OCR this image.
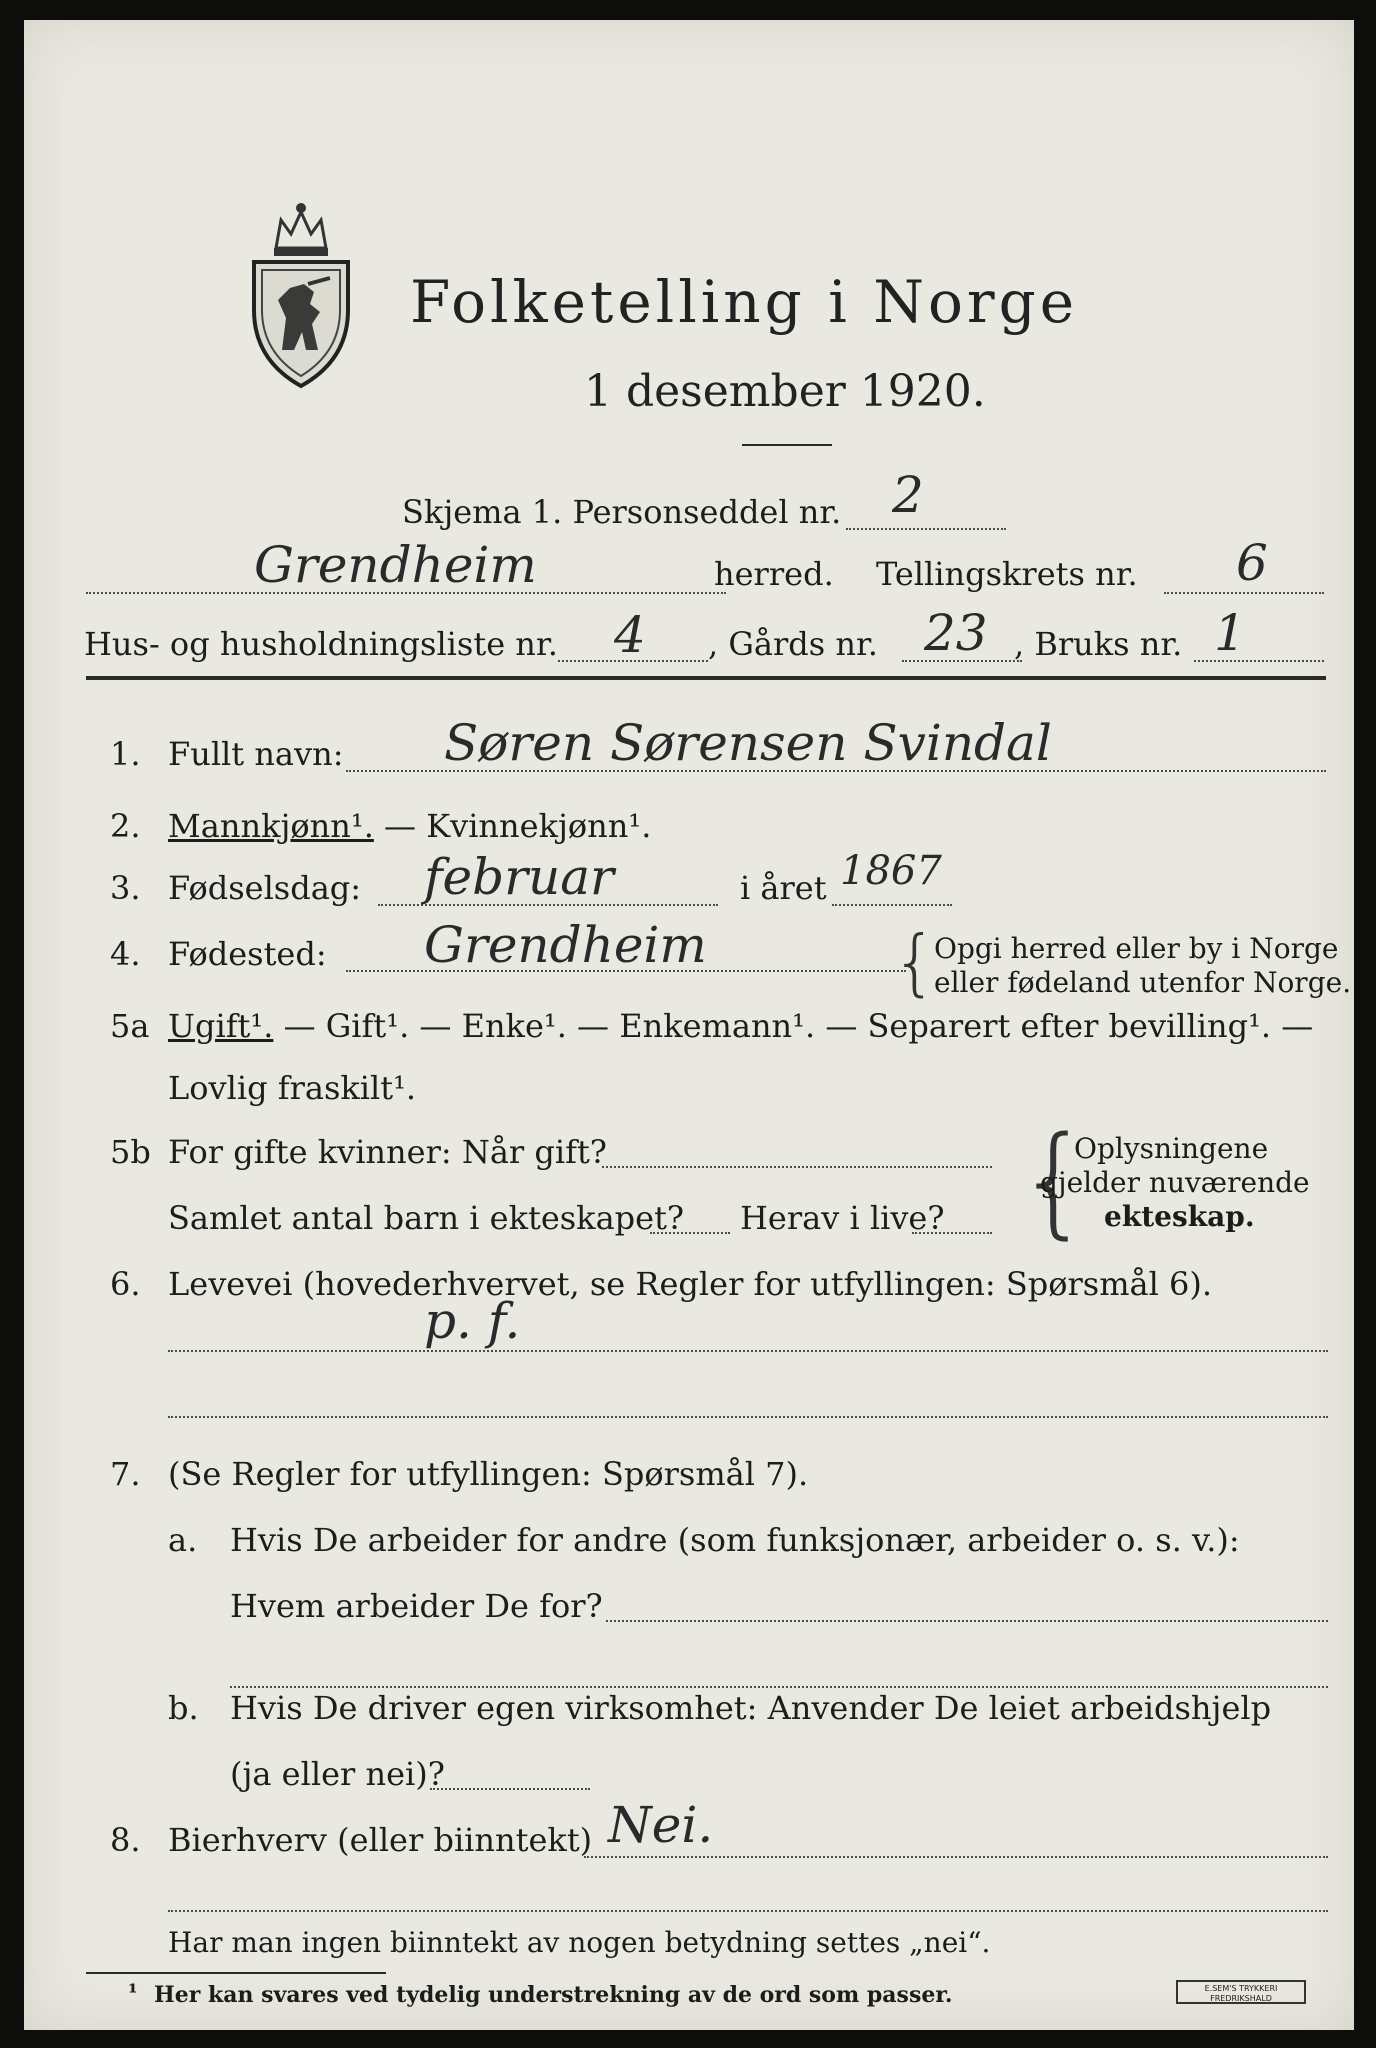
Folketelling i Norge
1 desember 1920.
Skjema 1. Personseddel nr. 2
Grendheim	herred. Tellingskrets nr. 6
Hus- og husholdningsliste nr. 4 , Gårds nr. 23 , Bruks nr. 1
1. Fullt navn: Søren Sørensen Svindal
2. Mannkjønn¹. — Kvinnekjønn¹.
3. Fødselsdag: februar	i året 1867
4. Fødested: Grendheim	{
Opgi herred eller by i Norge
eller fødeland utenfor Norge.
5a Ugift¹. — Gift¹. — Enke¹. — Enkemann¹. — Separert efter bevilling¹. —
Lovlig fraskilt¹.
5b For gifte kvinner: Når gift?
Samlet antal barn i ekteskapet? Herav i live? {
Oplysningene
gjelder nuværende
ekteskap.
6. Levevei (hovederhvervet, se Regler for utfyllingen: Spørsmål 6).
p. f.
7. (Se Regler for utfyllingen: Spørsmål 7).
a. Hvis De arbeider for andre (som funksjonær, arbeider o. s. v.):
Hvem arbeider De for?
b. Hvis De driver egen virksomhet: Anvender De leiet arbeidshjelp
(ja eller nei)?
8. Bierhverv (eller biinntekt) Nei.
Har man ingen biinntekt av nogen betydning settes „nei“.
¹ Her kan svares ved tydelig understrekning av de ord som passer.	E.SEM'S TRYKKERI FREDRIKSHALD
